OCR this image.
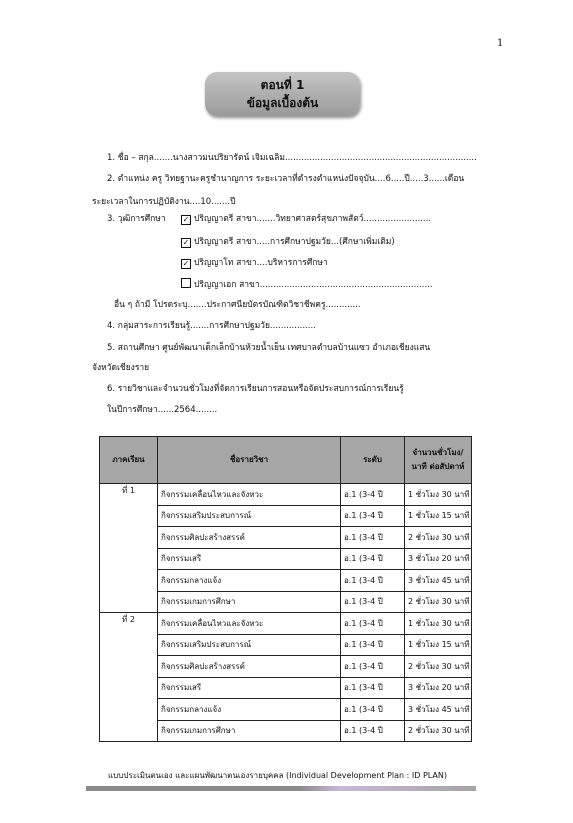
1
ตอนที่ 1
ข้อมูลเบื้องต้น
1. ชื่อ – สกุล.......นางสาวมนปริยารัตน์ เจิมเฉลิม.......................................................................
2. ตำแหน่ง ครู วิทยฐานะครูชำนาญการ ระยะเวลาที่ดำรงตำแหน่งปัจจุบัน....6.....ปี.....3......เดือน
ระยะเวลาในการปฏิบัติงาน....10.......ปี
3. วุฒิการศึกษา ✓ ปริญญาตรี สาขา.......วิทยาศาสตร์สุขภาพสัตว์.........................
✓ ปริญญาตรี สาขา.....การศึกษาปฐมวัย...(ศึกษาเพิ่มเติม)
✓ ปริญญาโท สาขา....บริหารการศึกษา
ปริญญาเอก สาขา................................................................
อื่น ๆ ถ้ามี โปรดระบุ.......ประกาศนียบัตรบัณฑิตวิชาชีพครู.............
4. กลุ่มสาระการเรียนรู้.......การศึกษาปฐมวัย.................
5. สถานศึกษา ศูนย์พัฒนาเด็กเล็กบ้านห้วยน้ำเย็น เทศบาลตำบลบ้านแซว อำเภอเชียงแสน
จังหวัดเชียงราย
6. รายวิชาและจำนวนชั่วโมงที่จัดการเรียนการสอนหรือจัดประสบการณ์การเรียนรู้
ในปีการศึกษา......2564........
ภาคเรียน	ชื่อรายวิชา	ระดับ	จำนวนชั่วโมง/นาที ต่อสัปดาห์
ที่ 1	กิจกรรมเคลื่อนไหวและจังหวะ	อ.1 (3-4 ปี	1 ชั่วโมง 30 นาที
	กิจกรรมเสริมประสบการณ์	อ.1 (3-4 ปี	1 ชั่วโมง 15 นาที
	กิจกรรมศิลปะสร้างสรรค์	อ.1 (3-4 ปี	2 ชั่วโมง 30 นาที
	กิจกรรมเสรี	อ.1 (3-4 ปี	3 ชั่วโมง 20 นาที
	กิจกรรมกลางแจ้ง	อ.1 (3-4 ปี	3 ชั่วโมง 45 นาที
	กิจกรรมเกมการศึกษา	อ.1 (3-4 ปี	2 ชั่วโมง 30 นาที
ที่ 2	กิจกรรมเคลื่อนไหวและจังหวะ	อ.1 (3-4 ปี	1 ชั่วโมง 30 นาที
	กิจกรรมเสริมประสบการณ์	อ.1 (3-4 ปี	1 ชั่วโมง 15 นาที
	กิจกรรมศิลปะสร้างสรรค์	อ.1 (3-4 ปี	2 ชั่วโมง 30 นาที
	กิจกรรมเสรี	อ.1 (3-4 ปี	3 ชั่วโมง 20 นาที
	กิจกรรมกลางแจ้ง	อ.1 (3-4 ปี	3 ชั่วโมง 45 นาที
	กิจกรรมเกมการศึกษา	อ.1 (3-4 ปี	2 ชั่วโมง 30 นาที
แบบประเมินตนเอง และแผนพัฒนาตนเองรายบุคคล (Individual Development Plan : ID PLAN)
